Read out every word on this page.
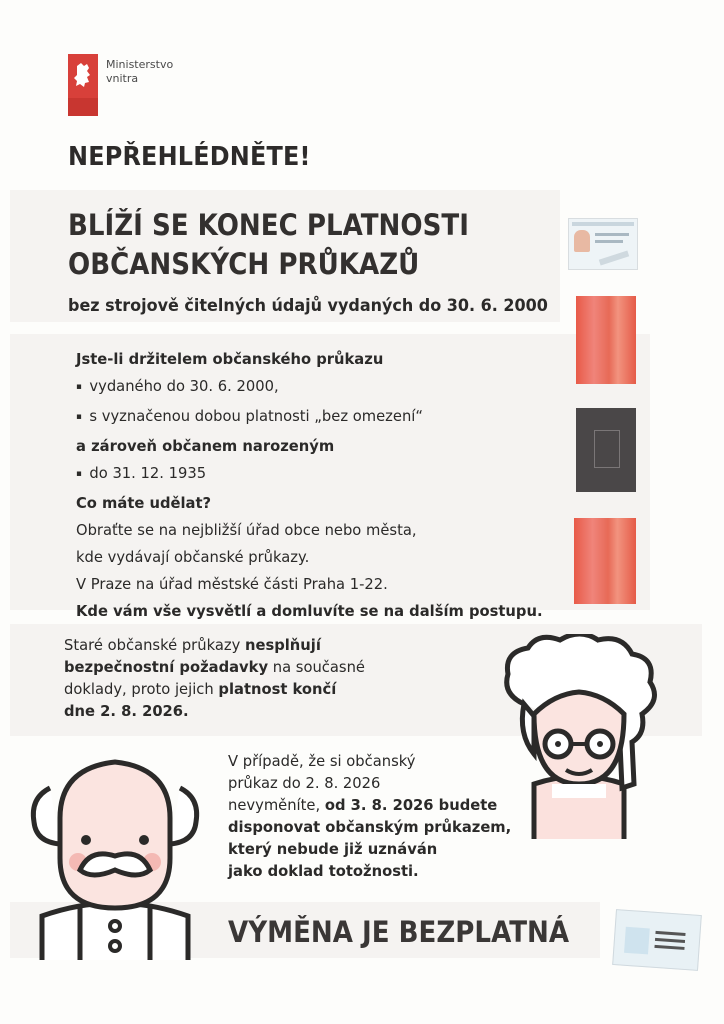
Ministerstvo
vnitra
NEPŘEHLÉDNĚTE!
BLÍŽÍ SE KONEC PLATNOSTI
OBČANSKÝCH PRŮKAZŮ
bez strojově čitelných údajů vydaných do 30. 6. 2000
Jste-li držitelem občanského průkazu
▪ vydaného do 30. 6. 2000,
▪ s vyznačenou dobou platnosti „bez omezení“
a zároveň občanem narozeným
▪ do 31. 12. 1935
Co máte udělat?
Obraťte se na nejbližší úřad obce nebo města,
kde vydávají občanské průkazy.
V Praze na úřad městské části Praha 1-22.
Kde vám vše vysvětlí a domluvíte se na dalším postupu.
Staré občanské průkazy nesplňují
bezpečnostní požadavky na současné
doklady, proto jejich platnost končí
dne 2. 8. 2026.
V případě, že si občanský
průkaz do 2. 8. 2026
nevyměníte, od 3. 8. 2026 budete
disponovat občanským průkazem,
který nebude již uznáván
jako doklad totožnosti.
VÝMĚNA JE BEZPLATNÁ
